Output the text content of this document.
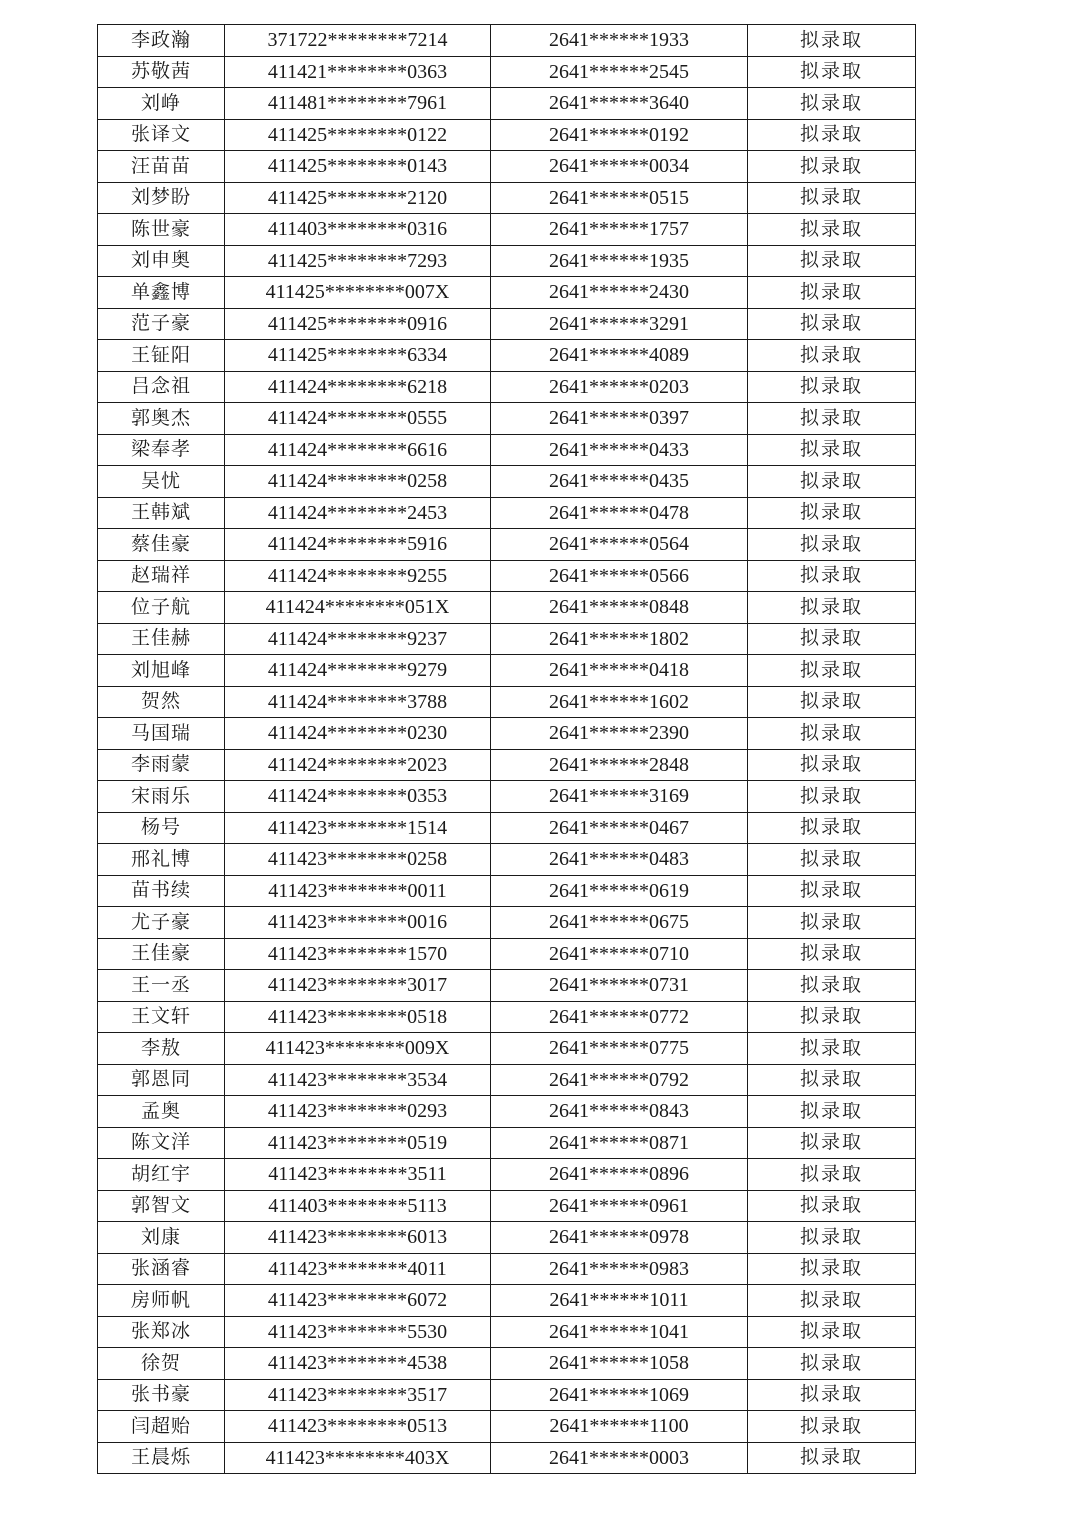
李政瀚	371722********7214	2641******1933	拟录取
苏敬茜	411421********0363	2641******2545	拟录取
刘峥	411481********7961	2641******3640	拟录取
张译文	411425********0122	2641******0192	拟录取
汪苗苗	411425********0143	2641******0034	拟录取
刘梦盼	411425********2120	2641******0515	拟录取
陈世豪	411403********0316	2641******1757	拟录取
刘申奥	411425********7293	2641******1935	拟录取
单鑫博	411425********007X	2641******2430	拟录取
范子豪	411425********0916	2641******3291	拟录取
王钲阳	411425********6334	2641******4089	拟录取
吕念祖	411424********6218	2641******0203	拟录取
郭奥杰	411424********0555	2641******0397	拟录取
梁奉孝	411424********6616	2641******0433	拟录取
吴忧	411424********0258	2641******0435	拟录取
王韩斌	411424********2453	2641******0478	拟录取
蔡佳豪	411424********5916	2641******0564	拟录取
赵瑞祥	411424********9255	2641******0566	拟录取
位子航	411424********051X	2641******0848	拟录取
王佳赫	411424********9237	2641******1802	拟录取
刘旭峰	411424********9279	2641******0418	拟录取
贺然	411424********3788	2641******1602	拟录取
马国瑞	411424********0230	2641******2390	拟录取
李雨蒙	411424********2023	2641******2848	拟录取
宋雨乐	411424********0353	2641******3169	拟录取
杨号	411423********1514	2641******0467	拟录取
邢礼博	411423********0258	2641******0483	拟录取
苗书续	411423********0011	2641******0619	拟录取
尤子豪	411423********0016	2641******0675	拟录取
王佳豪	411423********1570	2641******0710	拟录取
王一丞	411423********3017	2641******0731	拟录取
王文轩	411423********0518	2641******0772	拟录取
李敖	411423********009X	2641******0775	拟录取
郭恩同	411423********3534	2641******0792	拟录取
孟奥	411423********0293	2641******0843	拟录取
陈文洋	411423********0519	2641******0871	拟录取
胡红宇	411423********3511	2641******0896	拟录取
郭智文	411403********5113	2641******0961	拟录取
刘康	411423********6013	2641******0978	拟录取
张涵睿	411423********4011	2641******0983	拟录取
房师帆	411423********6072	2641******1011	拟录取
张郑冰	411423********5530	2641******1041	拟录取
徐贺	411423********4538	2641******1058	拟录取
张书豪	411423********3517	2641******1069	拟录取
闫超贻	411423********0513	2641******1100	拟录取
王晨烁	411423********403X	2641******0003	拟录取
